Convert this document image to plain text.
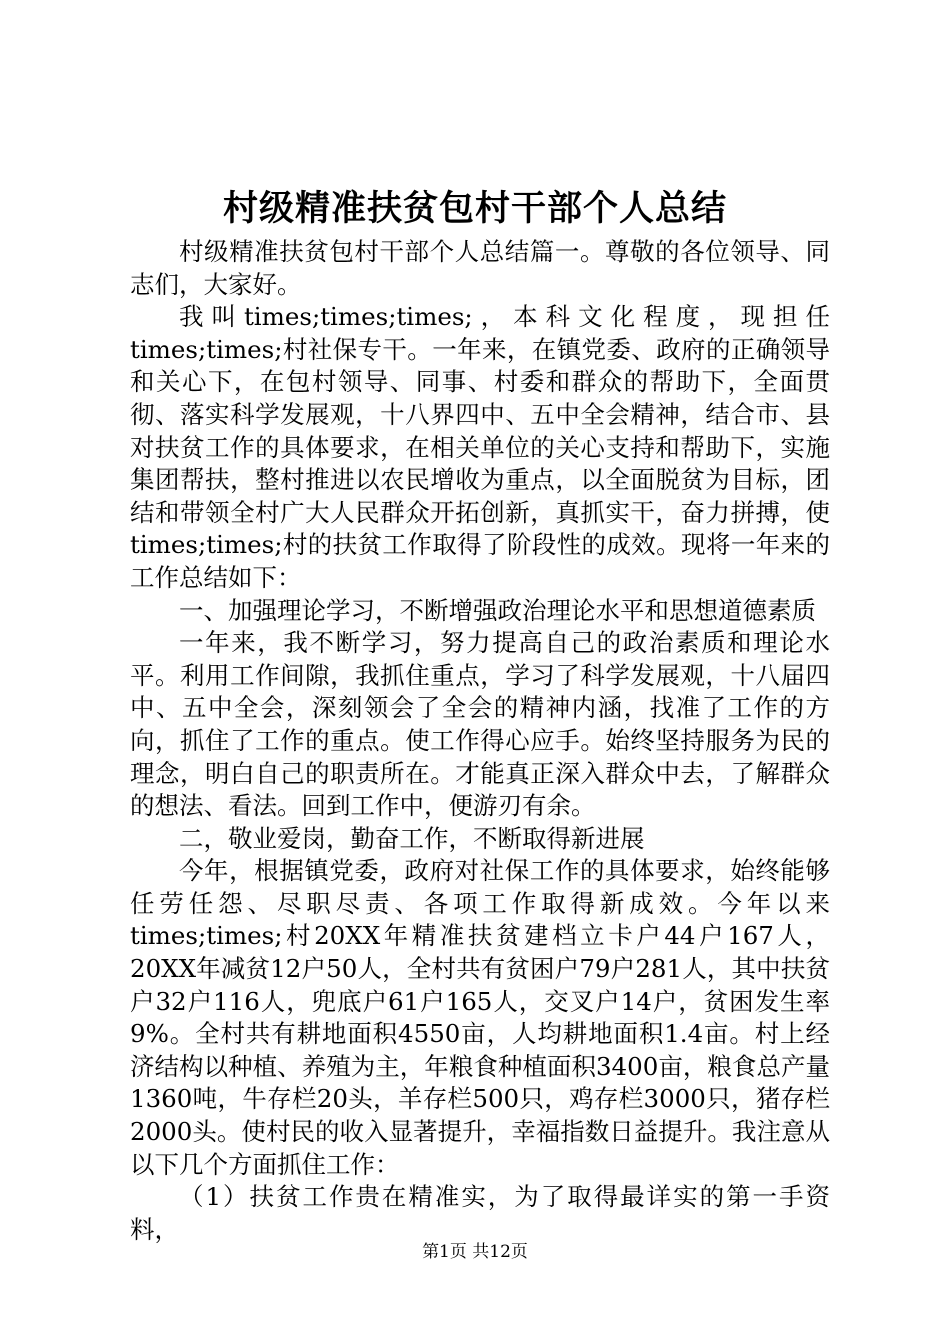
村级精准扶贫包村干部个人总结

村级精准扶贫包村干部个人总结篇一。尊敬的各位领导、同志们，大家好。

我叫times;times;times;，本科文化程度，现担任times;times;村社保专干。一年来，在镇党委、政府的正确领导和关心下，在包村领导、同事、村委和群众的帮助下，全面贯彻、落实科学发展观，十八界四中、五中全会精神，结合市、县对扶贫工作的具体要求，在相关单位的关心支持和帮助下，实施集团帮扶，整村推进以农民增收为重点，以全面脱贫为目标，团结和带领全村广大人民群众开拓创新，真抓实干，奋力拼搏，使times;times;村的扶贫工作取得了阶段性的成效。现将一年来的工作总结如下：

一、加强理论学习，不断增强政治理论水平和思想道德素质

一年来，我不断学习，努力提高自己的政治素质和理论水平。利用工作间隙，我抓住重点，学习了科学发展观，十八届四中、五中全会，深刻领会了全会的精神内涵，找准了工作的方向，抓住了工作的重点。使工作得心应手。始终坚持服务为民的理念，明白自己的职责所在。才能真正深入群众中去，了解群众的想法、看法。回到工作中，便游刃有余。

二，敬业爱岗，勤奋工作，不断取得新进展

今年，根据镇党委，政府对社保工作的具体要求，始终能够任劳任怨、尽职尽责、各项工作取得新成效。今年以来times;times;村20XX年精准扶贫建档立卡户44户167人，20XX年减贫12户50人，全村共有贫困户79户281人，其中扶贫户32户116人，兜底户61户165人，交叉户14户，贫困发生率9%。全村共有耕地面积4550亩，人均耕地面积1.4亩。村上经济结构以种植、养殖为主，年粮食种植面积3400亩，粮食总产量1360吨，牛存栏20头，羊存栏500只，鸡存栏3000只，猪存栏2000头。使村民的收入显著提升，幸福指数日益提升。我注意从以下几个方面抓住工作：

（1）扶贫工作贵在精准实，为了取得最详实的第一手资料，

第1页 共12页
